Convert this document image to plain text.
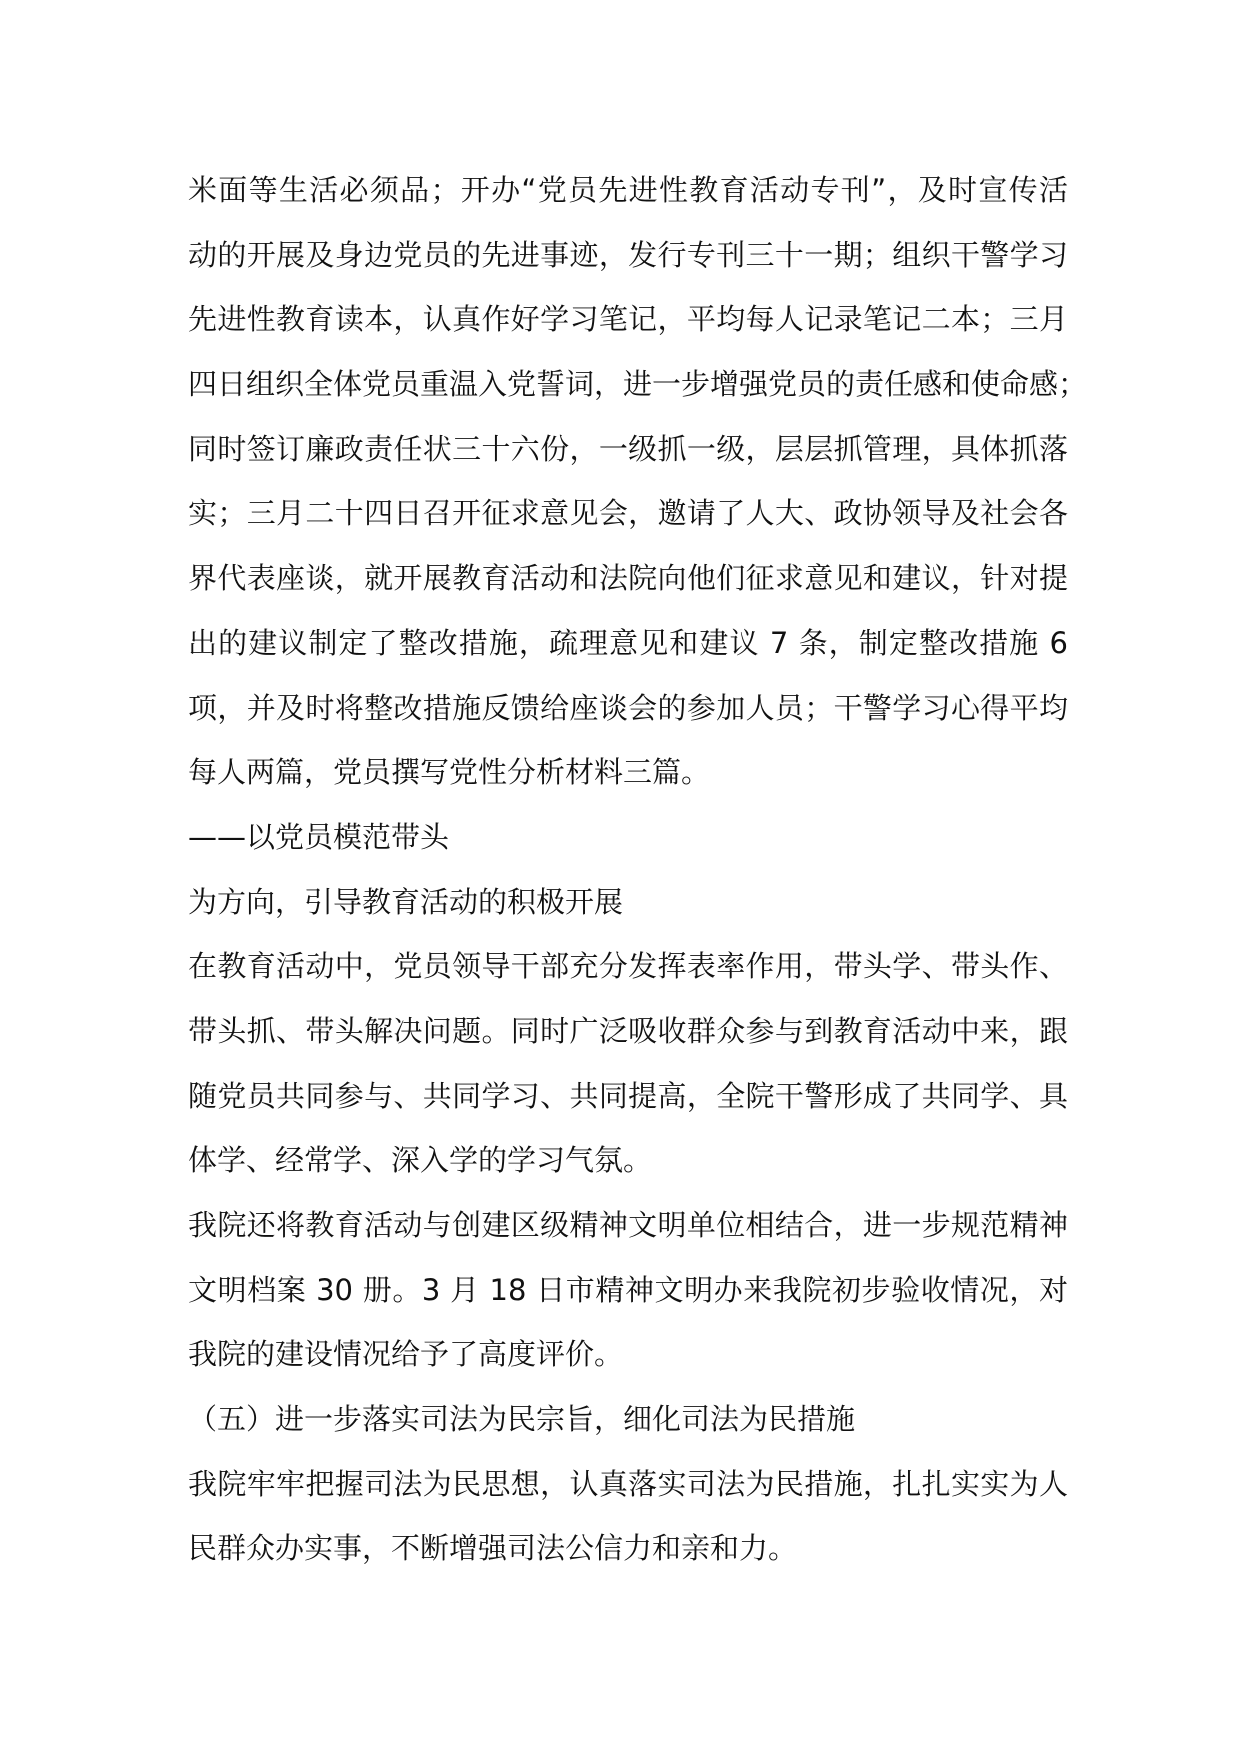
米面等生活必须品；开办“党员先进性教育活动专刊”，及时宣传活
动的开展及身边党员的先进事迹，发行专刊三十一期；组织干警学习
先进性教育读本，认真作好学习笔记，平均每人记录笔记二本；三月
四日组织全体党员重温入党誓词，进一步增强党员的责任感和使命感；
同时签订廉政责任状三十六份，一级抓一级，层层抓管理，具体抓落
实；三月二十四日召开征求意见会，邀请了人大、政协领导及社会各
界代表座谈，就开展教育活动和法院向他们征求意见和建议，针对提
出的建议制定了整改措施，疏理意见和建议 7 条，制定整改措施 6
项，并及时将整改措施反馈给座谈会的参加人员；干警学习心得平均
每人两篇，党员撰写党性分析材料三篇。
——以党员模范带头
为方向，引导教育活动的积极开展
在教育活动中，党员领导干部充分发挥表率作用，带头学、带头作、
带头抓、带头解决问题。同时广泛吸收群众参与到教育活动中来，跟
随党员共同参与、共同学习、共同提高，全院干警形成了共同学、具
体学、经常学、深入学的学习气氛。
我院还将教育活动与创建区级精神文明单位相结合，进一步规范精神
文明档案 30 册。3 月 18 日市精神文明办来我院初步验收情况，对
我院的建设情况给予了高度评价。
（五）进一步落实司法为民宗旨，细化司法为民措施
我院牢牢把握司法为民思想，认真落实司法为民措施，扎扎实实为人
民群众办实事，不断增强司法公信力和亲和力。
